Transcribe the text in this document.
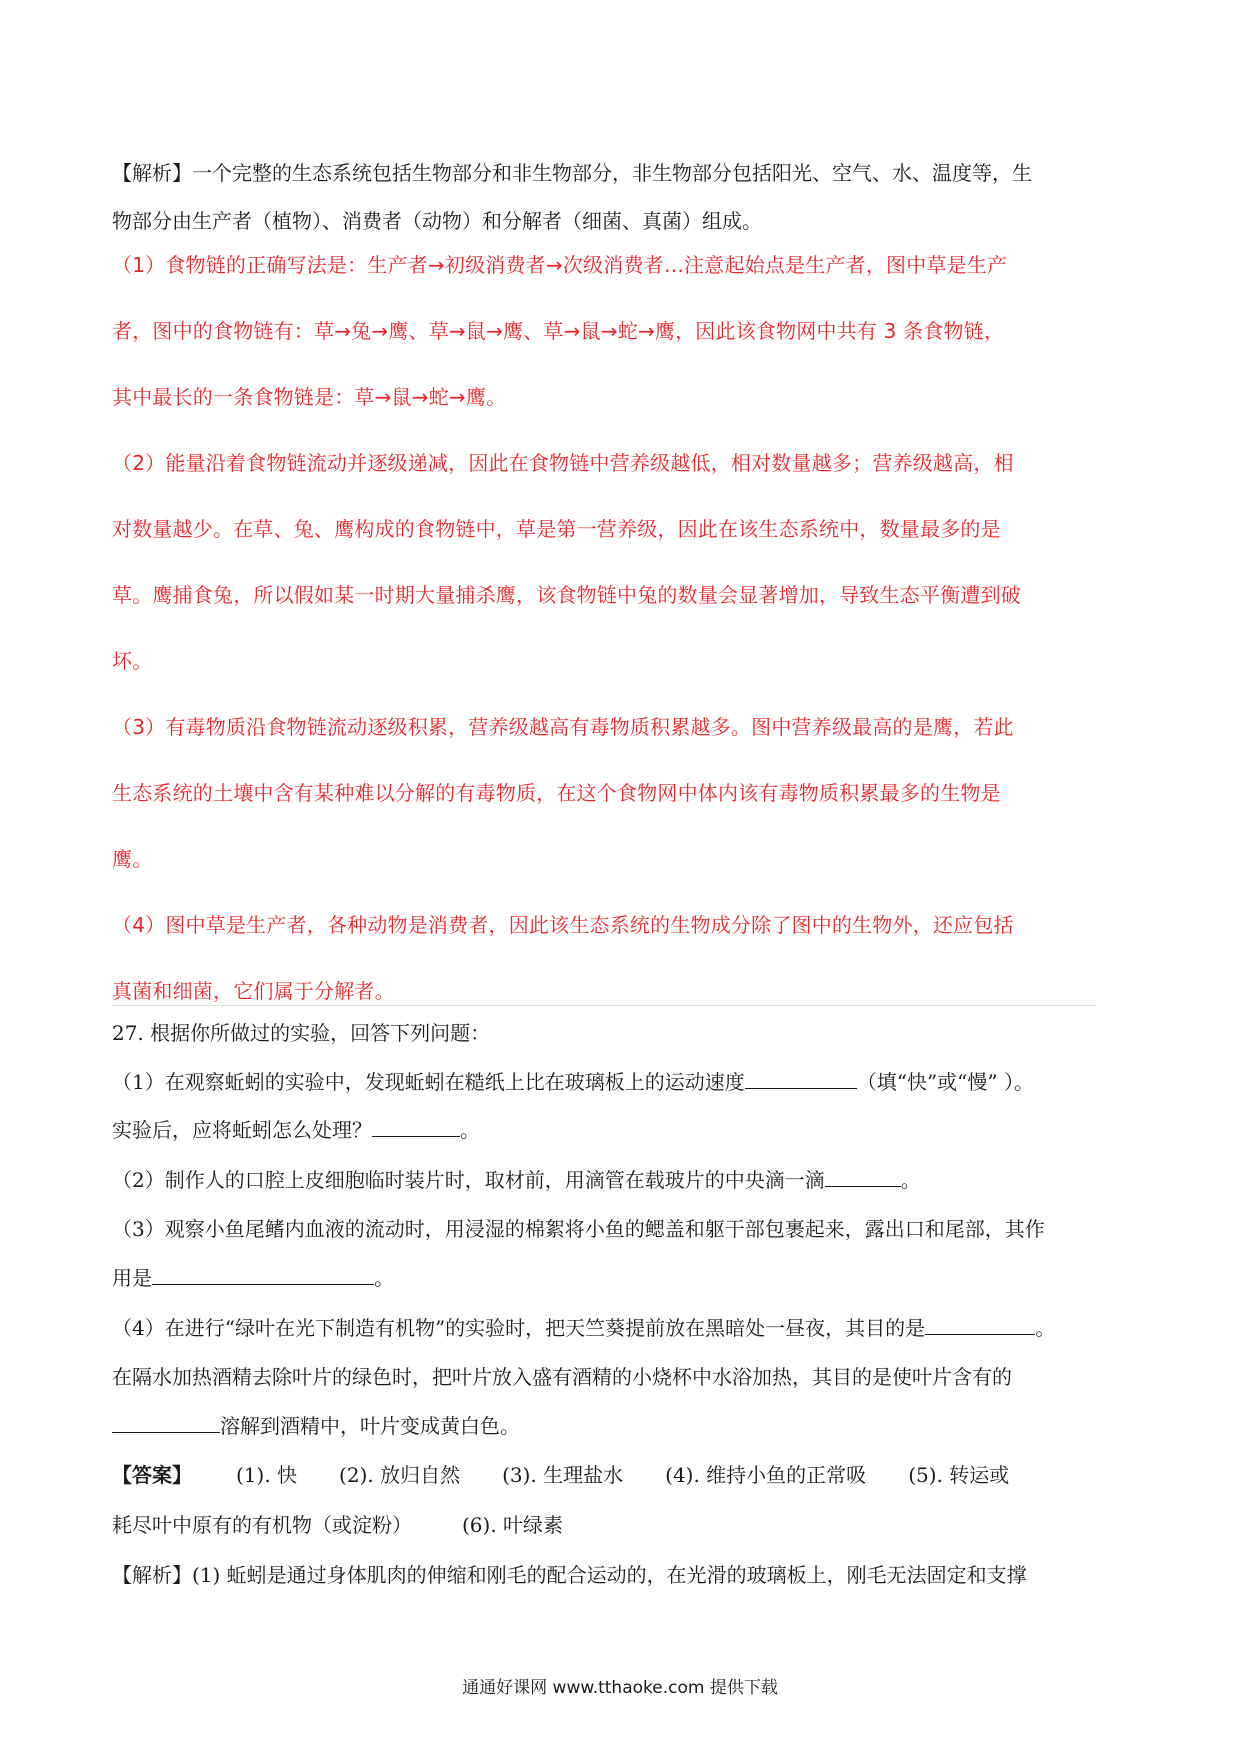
【解析】一个完整的生态系统包括生物部分和非生物部分，非生物部分包括阳光、空气、水、温度等，生
物部分由生产者（植物）、消费者（动物）和分解者（细菌、真菌）组成。
（1）食物链的正确写法是：生产者→初级消费者→次级消费者…注意起始点是生产者，图中草是生产
者，图中的食物链有：草→兔→鹰、草→鼠→鹰、草→鼠→蛇→鹰，因此该食物网中共有 3 条食物链，
其中最长的一条食物链是：草→鼠→蛇→鹰。
（2）能量沿着食物链流动并逐级递减，因此在食物链中营养级越低，相对数量越多；营养级越高，相
对数量越少。在草、兔、鹰构成的食物链中，草是第一营养级，因此在该生态系统中，数量最多的是
草。鹰捕食兔，所以假如某一时期大量捕杀鹰，该食物链中兔的数量会显著增加，导致生态平衡遭到破
坏。
（3）有毒物质沿食物链流动逐级积累，营养级越高有毒物质积累越多。图中营养级最高的是鹰，若此
生态系统的土壤中含有某种难以分解的有毒物质，在这个食物网中体内该有毒物质积累最多的生物是
鹰。
（4）图中草是生产者，各种动物是消费者，因此该生态系统的生物成分除了图中的生物外，还应包括
真菌和细菌，它们属于分解者。
27. 根据你所做过的实验，回答下列问题：
（1）在观察蚯蚓的实验中，发现蚯蚓在糙纸上比在玻璃板上的运动速度	（填“快”或“慢” ）。
实验后，应将蚯蚓怎么处理？	。
（2）制作人的口腔上皮细胞临时装片时，取材前，用滴管在载玻片的中央滴一滴	。
（3）观察小鱼尾鳍内血液的流动时，用浸湿的棉絮将小鱼的鳃盖和躯干部包裹起来，露出口和尾部，其作
用是	。
（4）在进行“绿叶在光下制造有机物”的实验时，把天竺葵提前放在黑暗处一昼夜，其目的是	。
在隔水加热酒精去除叶片的绿色时，把叶片放入盛有酒精的小烧杯中水浴加热，其目的是使叶片含有的
溶解到酒精中，叶片变成黄白色。
【答案】 (1). 快 (2). 放归自然 (3). 生理盐水 (4). 维持小鱼的正常吸 (5). 转运或
耗尽叶中原有的有机物（或淀粉）	(6). 叶绿素
【解析】(1) 蚯蚓是通过身体肌肉的伸缩和刚毛的配合运动的，在光滑的玻璃板上，刚毛无法固定和支撑
通通好课网 www.tthaoke.com 提供下载
